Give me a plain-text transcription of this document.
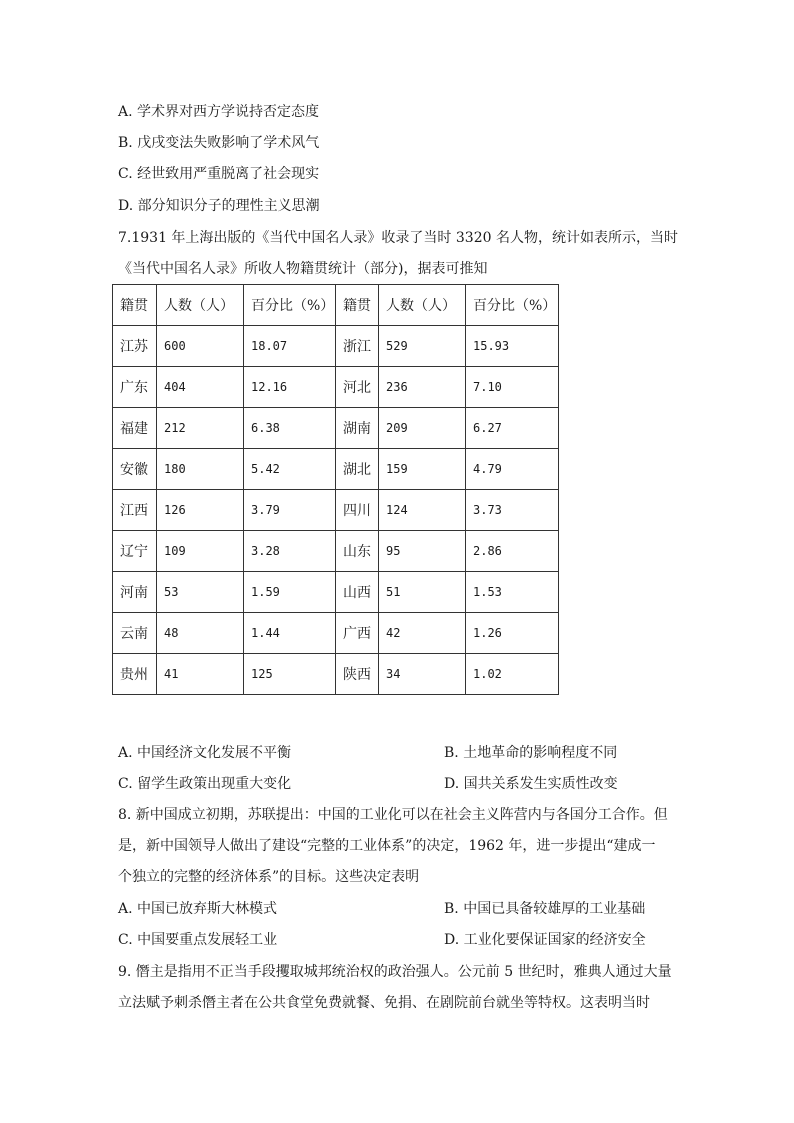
A. 学术界对西方学说持否定态度
B. 戊戌变法失败影响了学术风气
C. 经世致用严重脱离了社会现实
D. 部分知识分子的理性主义思潮
7.1931 年上海出版的《当代中国名人录》收录了当时 3320 名人物，统计如表所示，当时
《当代中国名人录》所收人物籍贯统计（部分)，据表可推知
籍贯	人数（人）	百分比（%）	籍贯	人数（人）	百分比（%）
江苏	600	18.07	浙江	529	15.93
广东	404	12.16	河北	236	7.10
福建	212	6.38	湖南	209	6.27
安徽	180	5.42	湖北	159	4.79
江西	126	3.79	四川	124	3.73
辽宁	109	3.28	山东	95	2.86
河南	53	1.59	山西	51	1.53
云南	48	1.44	广西	42	1.26
贵州	41	125	陕西	34	1.02
A. 中国经济文化发展不平衡	B. 土地革命的影响程度不同
C. 留学生政策出现重大变化	D. 国共关系发生实质性改变
8. 新中国成立初期，苏联提出：中国的工业化可以在社会主义阵营内与各国分工合作。但
是，新中国领导人做出了建设“完整的工业体系”的决定，1962 年，进一步提出“建成一
个独立的完整的经济体系”的目标。这些决定表明
A. 中国已放弃斯大林模式	B. 中国已具备较雄厚的工业基础
C. 中国要重点发展轻工业	D. 工业化要保证国家的经济安全
9. 僭主是指用不正当手段攫取城邦统治权的政治强人。公元前 5 世纪时，雅典人通过大量
立法赋予刺杀僭主者在公共食堂免费就餐、免捐、在剧院前台就坐等特权。这表明当时
